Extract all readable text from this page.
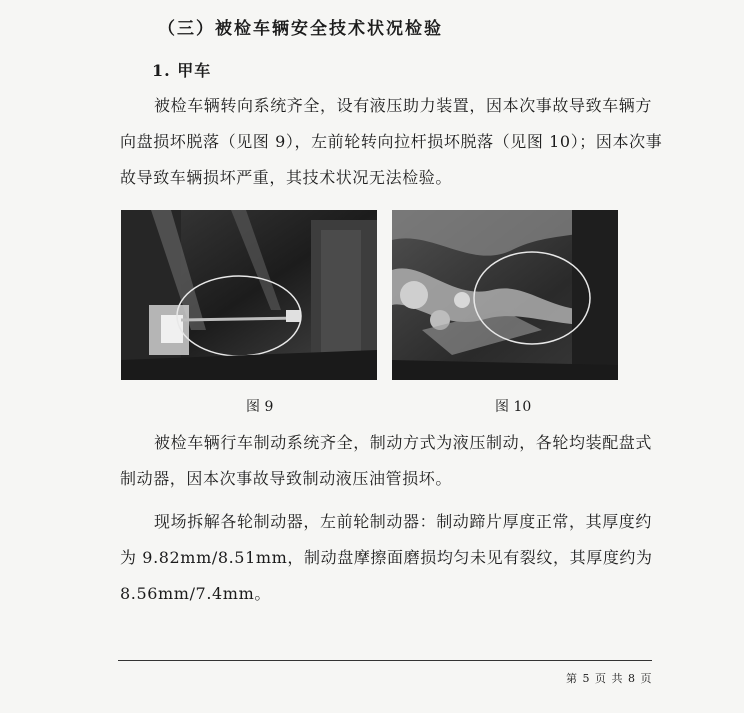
（三）被检车辆安全技术状况检验
1. 甲车

被检车辆转向系统齐全，设有液压助力装置，因本次事故导致车辆方向盘损坏脱落（见图 9），左前轮转向拉杆损坏脱落（见图 10）；因本次事故导致车辆损坏严重，其技术状况无法检验。

图 9	图 10

被检车辆行车制动系统齐全，制动方式为液压制动，各轮均装配盘式制动器，因本次事故导致制动液压油管损坏。

现场拆解各轮制动器，左前轮制动器：制动蹄片厚度正常，其厚度约为 9.82mm/8.51mm，制动盘摩擦面磨损均匀未见有裂纹，其厚度约为 8.56mm/7.4mm。

第 5 页 共 8 页
